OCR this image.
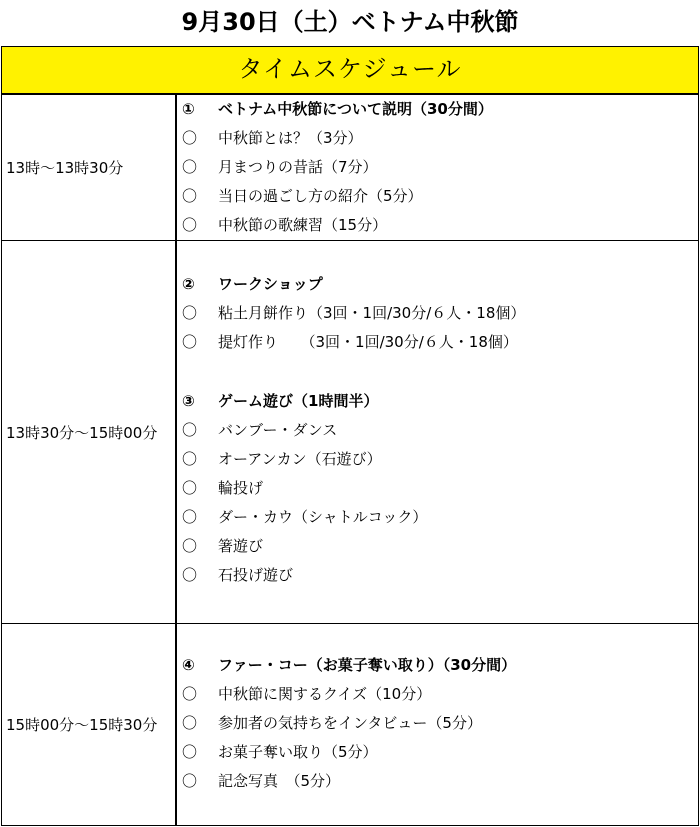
9月30日（土）ベトナム中秋節
タイムスケジュール
13時～13時30分
① ベトナム中秋節について説明（30分間）
〇 中秋節とは？（3分）
〇 月まつりの昔話（7分）
〇 当日の過ごし方の紹介（5分）
〇 中秋節の歌練習（15分）
13時30分～15時00分
② ワークショップ
〇 粘土月餅作り（3回・1回/30分/６人・18個）
〇 提灯作り　　（3回・1回/30分/６人・18個）
③ ゲーム遊び（1時間半）
〇 バンブー・ダンス
〇 オーアンカン（石遊び）
〇 輪投げ
〇 ダー・カウ（シャトルコック）
〇 箸遊び
〇 石投げ遊び
15時00分～15時30分
④ ファー・コー（お菓子奪い取り）（30分間）
〇 中秋節に関するクイズ（10分）
〇 参加者の気持ちをインタビュー（5分）
〇 お菓子奪い取り（5分）
〇 記念写真　（5分）
